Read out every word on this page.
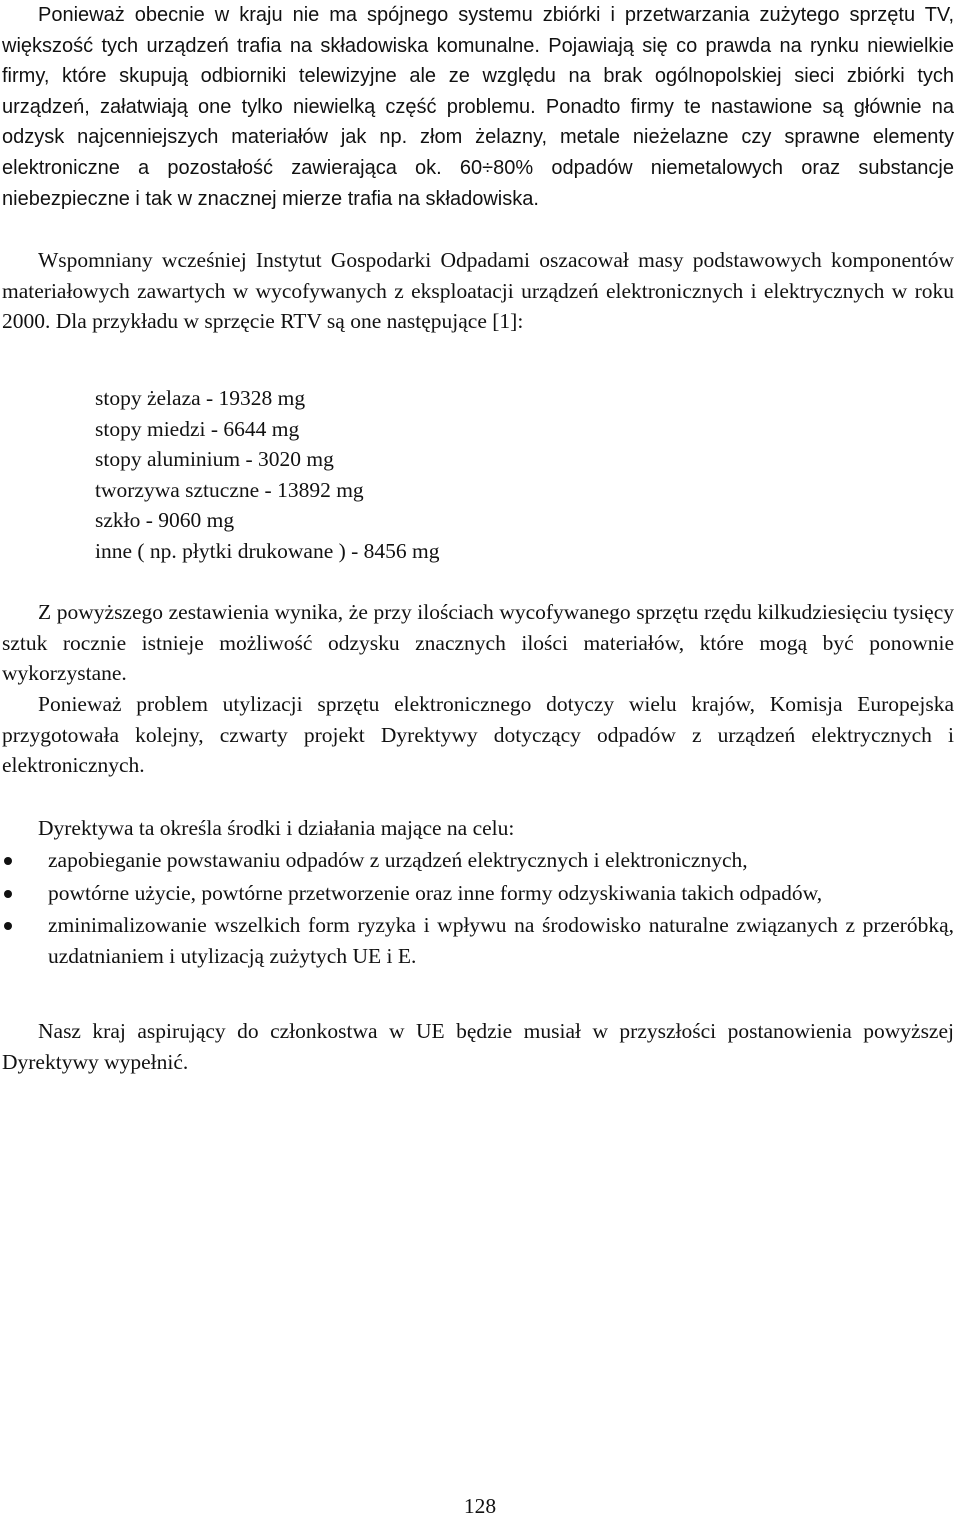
Ponieważ obecnie w kraju nie ma spójnego systemu zbiórki i przetwarzania zużytego sprzętu TV, większość tych urządzeń trafia na składowiska komunalne. Pojawiają się co prawda na rynku niewielkie firmy, które skupują odbiorniki telewizyjne ale ze względu na brak ogólnopolskiej sieci zbiórki tych urządzeń, załatwiają one tylko niewielką część problemu. Ponadto firmy te nastawione są głównie na odzysk najcenniejszych materiałów jak np. złom żelazny, metale nieżelazne czy sprawne elementy elektroniczne a pozostałość zawierająca ok. 60÷80% odpadów niemetalowych oraz substancje niebezpieczne i tak w znacznej mierze trafia na składowiska.

Wspomniany wcześniej Instytut Gospodarki Odpadami oszacował masy podstawowych komponentów materiałowych zawartych w wycofywanych z eksploatacji urządzeń elektronicznych i elektrycznych w roku 2000. Dla przykładu w sprzęcie RTV są one następujące [1]:

stopy żelaza - 19328 mg
stopy miedzi - 6644 mg
stopy aluminium - 3020 mg
tworzywa sztuczne - 13892 mg
szkło - 9060 mg
inne ( np. płytki drukowane ) - 8456 mg

Z powyższego zestawienia wynika, że przy ilościach wycofywanego sprzętu rzędu kilkudziesięciu tysięcy sztuk rocznie istnieje możliwość odzysku znacznych ilości materiałów, które mogą być ponownie wykorzystane.

Ponieważ problem utylizacji sprzętu elektronicznego dotyczy wielu krajów, Komisja Europejska przygotowała kolejny, czwarty projekt Dyrektywy dotyczący odpadów z urządzeń elektrycznych i elektronicznych.

Dyrektywa ta określa środki i działania mające na celu:

zapobieganie powstawaniu odpadów z urządzeń elektrycznych i elektronicznych,
powtórne użycie, powtórne przetworzenie oraz inne formy odzyskiwania takich odpadów,
zminimalizowanie wszelkich form ryzyka i wpływu na środowisko naturalne związanych z przeróbką, uzdatnianiem i utylizacją zużytych UE i E.

Nasz kraj aspirujący do członkostwa w UE będzie musiał w przyszłości postanowienia powyższej Dyrektywy wypełnić.

128
